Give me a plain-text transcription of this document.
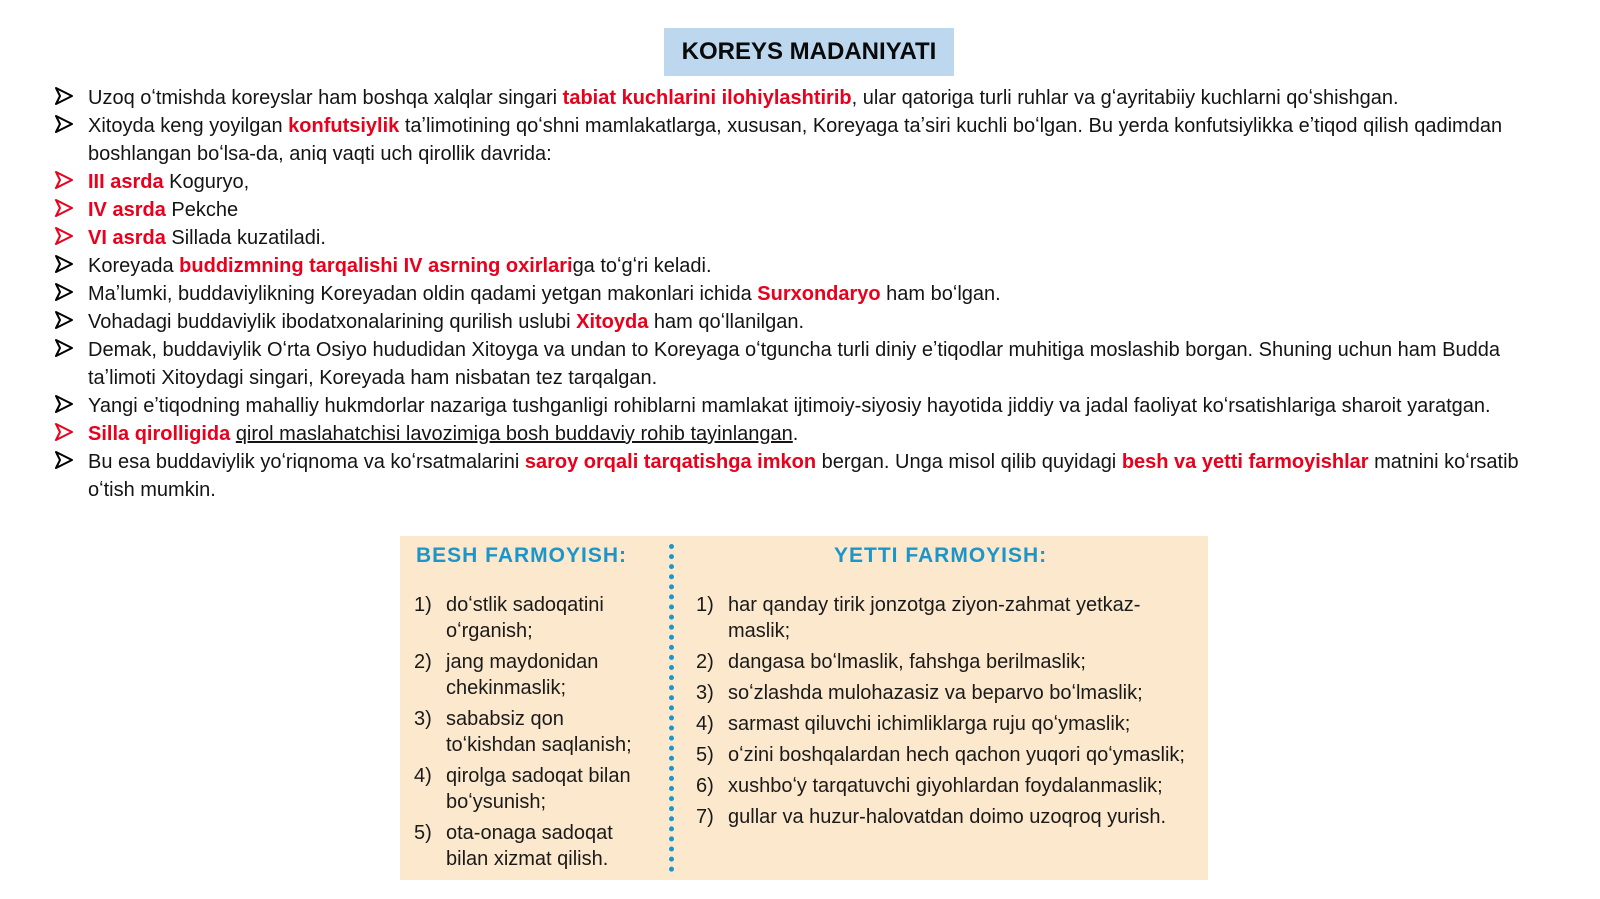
KOREYS MADANIYATI
Uzoq oʻtmishda koreyslar ham boshqa xalqlar singari tabiat kuchlarini ilohiylashtirib, ular qatoriga turli ruhlar va gʻayritabiiy kuchlarni qoʻshishgan.
Xitoyda keng yoyilgan konfutsiylik taʼlimotining qoʻshni mamlakatlarga, xususan, Koreyaga taʼsiri kuchli boʻlgan. Bu yerda konfutsiylikka eʼtiqod qilish qadimdan boshlangan boʻlsa-da, aniq vaqti uch qirollik davrida:
III asrda Koguryo,
IV asrda Pekche
VI asrda Sillada kuzatiladi.
Koreyada buddizmning tarqalishi IV asrning oxirlariga toʻgʻri keladi.
Maʼlumki, buddaviylikning Koreyadan oldin qadami yetgan makonlari ichida Surxondaryo ham boʻlgan.
Vohadagi buddaviylik ibodatxonalarining qurilish uslubi Xitoyda ham qoʻllanilgan.
Demak, buddaviylik Oʻrta Osiyo hududidan Xitoyga va undan to Koreyaga oʻtguncha turli diniy eʼtiqodlar muhitiga moslashib borgan. Shuning uchun ham Budda taʼlimoti Xitoydagi singari, Koreyada ham nisbatan tez tarqalgan.
Yangi eʼtiqodning mahalliy hukmdorlar nazariga tushganligi rohiblarni mamlakat ijtimoiy-siyosiy hayotida jiddiy va jadal faoliyat koʻrsatishlariga sharoit yaratgan.
Silla qirolligida qirol maslahatchisi lavozimiga bosh buddaviy rohib tayinlangan.
Bu esa buddaviylik yoʻriqnoma va koʻrsatmalarini saroy orqali tarqatishga imkon bergan. Unga misol qilib quyidagi besh va yetti farmoyishlar matnini koʻrsatib oʻtish mumkin.
BESH FARMOYISH:	YETTI FARMOYISH:
1) doʻstlik sadoqatini oʻrganish;
2) jang maydonidan chekinmaslik;
3) sababsiz qon toʻkishdan saqlanish;
4) qirolga sadoqat bilan boʻysunish;
5) ota-onaga sadoqat bilan xizmat qilish.
1) har qanday tirik jonzotga ziyon-zahmat yetkaz-maslik;
2) dangasa boʻlmaslik, fahshga berilmaslik;
3) soʻzlashda mulohazasiz va beparvo boʻlmaslik;
4) sarmast qiluvchi ichimliklarga ruju qoʻymaslik;
5) oʻzini boshqalardan hech qachon yuqori qoʻymaslik;
6) xushboʻy tarqatuvchi giyohlardan foydalanmaslik;
7) gullar va huzur-halovatdan doimo uzoqroq yurish.
